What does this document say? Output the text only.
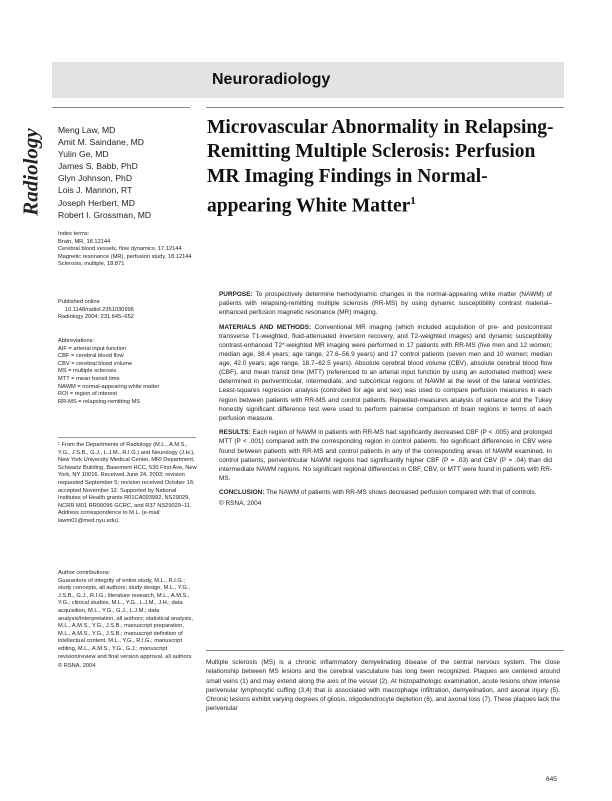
Neuroradiology
Radiology Meng Law, MD
Amit M. Saindane, MD
Yulin Ge, MD
James S. Babb, PhD
Glyn Johnson, PhD
Lois J. Mannon, RT
Joseph Herbert, MD
Robert I. Grossman, MD

Index terms:

Brain, MR, 18.12144

Cerebral blood vessels, flow dynamics, 17.12144

Magnetic resonance (MR), perfusion study, 18.12144

Sclerosis, multiple, 18.871

Published online

10.1148/radiol.2351030996

Radiology 2004; 231:645–652

Abbreviations:

AIF = arterial input function

CBF = cerebral blood flow

CBV = cerebral blood volume

MS = multiple sclerosis

MTT = mean transit time

NAWM = normal-appearing white matter

ROI = region of interest

RR-MS = relapsing-remitting MS

¹ From the Departments of Radiology (M.L., A.M.S., Y.G., J.S.B., G.J., L.J.M., R.I.G.) and Neurology (J.H.), New York University Medical Center, MRI Department, Schwartz Building, Basement HCC, 530 First Ave, New York, NY 10016. Received June 24, 2003; revision requested September 5; revision received October 16; accepted November 12. Supported by National Institutes of Health grants R01CA093992, NS29029, NCRR M01 RR00096 GCRC, and R37 NS29029–11. Address correspondence to M.L. (e-mail: lawm01@med.nyu.edu).

Author contributions:

Guarantors of integrity of entire study, M.L., R.I.G.; study concepts, all authors; study design, M.L., Y.G., J.S.B., G.J., R.I.G.; literature research, M.L., A.M.S., Y.G.; clinical studies, M.L., Y.G., L.J.M., J.H.; data acquisition, M.L., Y.G., G.J., L.J.M.; data analysis/interpretation, all authors; statistical analysis, M.L., A.M.S., Y.G., J.S.B.; manuscript preparation, M.L., A.M.S., Y.G., J.S.B.; manuscript definition of intellectual content, M.L., Y.G., R.I.G.; manuscript editing, M.L., A.M.S., Y.G., G.J.; manuscript revision/review and final version approval, all authors

© RSNA, 2004

Microvascular Abnormality in Relapsing-Remitting Multiple Sclerosis: Perfusion MR Imaging Findings in Normal-appearing White Matter$^1$

PURPOSE: To prospectively determine hemodynamic changes in the normal-appearing white matter (NAWM) of patients with relapsing-remitting multiple sclerosis (RR-MS) by using dynamic susceptibility contrast material–enhanced perfusion magnetic resonance (MR) imaging.

MATERIALS AND METHODS: Conventional MR imaging (which included acquisition of pre- and postcontrast transverse T1-weighted, fluid-attenuated inversion recovery, and T2-weighted images) and dynamic susceptibility contrast-enhanced T2*-weighted MR imaging were performed in 17 patients with RR-MS (five men and 12 women; median age, 38.4 years; age range, 27.6–56.9 years) and 17 control patients (seven men and 10 women; median age, 42.0 years; age range, 18.7–62.5 years). Absolute cerebral blood volume (CBV), absolute cerebral blood flow (CBF), and mean transit time (MTT) (referenced to an arterial input function by using an automated method) were determined in periventricular, intermediate, and subcortical regions of NAWM at the level of the lateral ventricles. Least-squares regression analysis (controlled for age and sex) was used to compare perfusion measures in each region between patients with RR-MS and control patients. Repeated-measures analysis of variance and the Tukey honestly significant difference test were used to perform pairwise comparison of brain regions in terms of each perfusion measure.

RESULTS: Each region of NAWM in patients with RR-MS had significantly decreased CBF (P < .005) and prolonged MTT (P < .001) compared with the corresponding region in control patients. No significant differences in CBV were found between patients with RR-MS and control patients in any of the corresponding areas of NAWM examined. In control patients, periventricular NAWM regions had significantly higher CBF (P = .03) and CBV (P = .04) than did intermediate NAWM regions. No significant regional differences in CBF, CBV, or MTT were found in patients with RR-MS.

CONCLUSION: The NAWM of patients with RR-MS shows decreased perfusion compared with that of controls.

© RSNA, 2004

Multiple sclerosis (MS) is a chronic inflammatory demyelinating disease of the central nervous system. The close relationship between MS lesions and the cerebral vasculature has long been recognized. Plaques are centered around small veins (1) and may extend along the axis of the vessel (2). At histopathologic examination, acute lesions show intense perivenular lymphocytic cuffing (3,4) that is associated with macrophage infiltration, demyelination, and axonal injury (5). Chronic lesions exhibit varying degrees of gliosis, oligodendrocyte depletion (6), and axonal loss (7). These plaques lack the perivenular
645
